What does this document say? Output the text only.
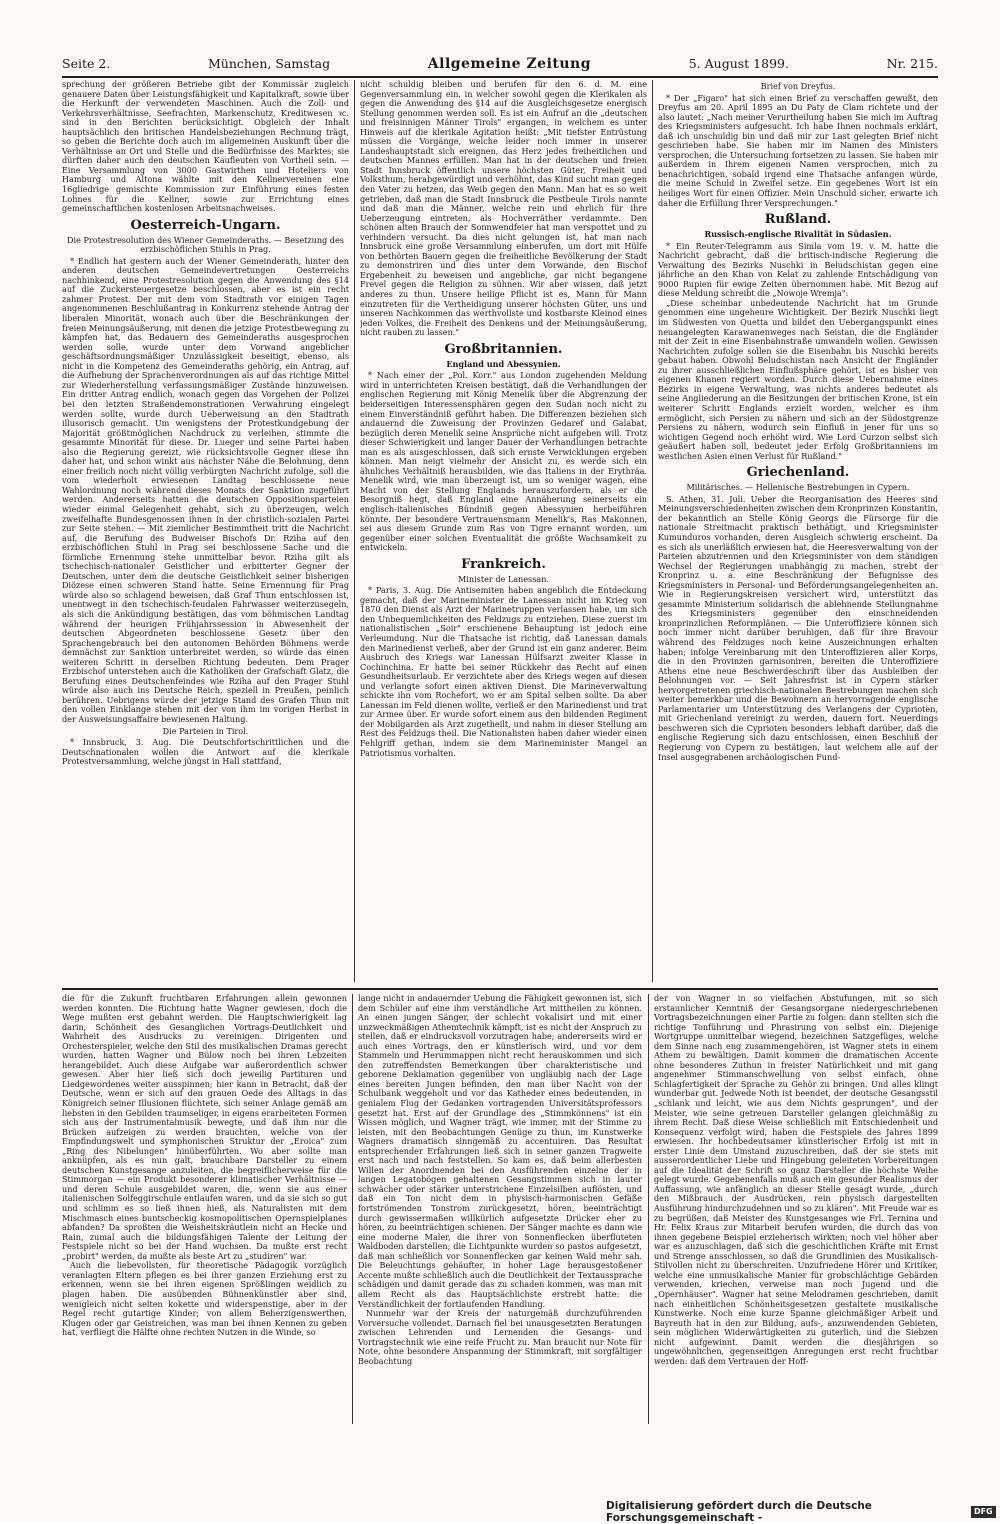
Seite 2.	München, Samstag	Allgemeine Zeitung	5. August 1899.	Nr. 215.

sprechung der größeren Betriebe gibt der Kommissär zugleich genauere Daten über Leistungsfähigkeit und Kapitalkraft, sowie über die Herkunft der verwendeten Maschinen. Auch die Zoll- und Verkehrsverhältnisse, Seefrachten, Markenschutz, Kreditwesen ꝛc. sind in den Berichten berücksichtigt. Obgleich der Inhalt hauptsächlich den britischen Handelsbeziehungen Rechnung trägt, so geben die Berichte doch auch im allgemeinen Auskunft über die Verhältnisse an Ort und Stelle und die Bedürfnisse des Marktes; sie dürften daher auch den deutschen Kaufleuten von Vortheil sein. — Eine Versammlung von 3000 Gastwirthen und Hoteliers von Hamburg und Altona wählte mit den Kellnervereinen eine 16gliedrige gemischte Kommission zur Einführung eines festen Lohnes für die Kellner, sowie zur Errichtung eines gemeinschaftlichen kostenlosen Arbeitsnachweises.

Oesterreich-Ungarn.
Die Protestresolution des Wiener Gemeinderaths. — Besetzung des erzbischöflichen Stuhls in Prag.

* Endlich hat gestern auch der Wiener Gemeinderath, hinter den anderen deutschen Gemeindevertretungen Oesterreichs nachhinkend, eine Protestresolution gegen die Anwendung des §14 auf die Zuckersteuergesetze beschlossen, aber es ist ein recht zahmer Protest. Der mit dem vom Stadtrath vor einigen Tagen angenommenen Beschlußantrag in Konkurrenz stehende Antrag der liberalen Minorität, wonach auch über die Beschränkungen der freien Meinungsäußerung, mit denen die jetzige Protestbewegung zu kämpfen hat, das Bedauern des Gemeinderaths ausgesprochen werden solle, wurde unter dem Vorwand angeblicher geschäftsordnungsmäßiger Unzulässigkeit beseitigt, ebenso, als nicht in die Kompetenz des Gemeinderaths gehörig, ein Antrag, auf die Aufhebung der Sprachenverordnungen als auf das richtige Mittel zur Wiederherstellung verfassungsmäßiger Zustände hinzuweisen. Ein dritter Antrag endlich, wonach gegen das Vorgehen der Polizei bei den letzten Straßendemonstrationen Verwahrung eingelegt werden sollte, wurde durch Ueberweisung an den Stadtrath illusorisch gemacht. Um wenigstens der Protestkundgebung der Majorität größtmöglichen Nachdruck zu verleihen, stimmte die gesammte Minorität für diese. Dr. Lueger und seine Partei haben also die Regierung gereizt, wie rücksichtsvolle Gegner diese ihn daher hat, und schon winkt aus nächster Nähe die Belohnung, denn einer freilich noch nicht völlig verbürgten Nachricht zufolge, soll die vom wiederholt erwiesenen Landtag beschlossene neue Wahlordnung noch während dieses Monats der Sanktion zugeführt werden. Andererseits hatten die deutschen Oppositionsparteien wieder einmal Gelegenheit gehabt, sich zu überzeugen, welch zweifelhafte Bundesgenossen ihnen in der christlich-sozialen Partei zur Seite stehen. — Mit ziemlicher Bestimmtheit tritt die Nachricht auf, die Berufung des Budweiser Bischofs Dr. Rziha auf den erzbischöflichen Stuhl in Prag sei beschlossene Sache und die förmliche Ernennung stehe unmittelbar bevor. Rziha gilt als tschechisch-nationaler Geistlicher und erbitterter Gegner der Deutschen, unter dem die deutsche Geistlichkeit seiner bisherigen Diözese einen schweren Stand hatte. Seine Ernennung für Prag würde also so schlagend beweisen, daß Graf Thun entschlossen ist, unentwegt in den tschechisch-feudalen Fahrwasser weiterzusegeln, als sich die Ankündigung bestätigen, das vom böhmischen Landtag während der heurigen Frühjahrssession in Abwesenheit der deutschen Abgeordneten beschlossene Gesetz über den Sprachengebrauch bei den autonomen Behörden Böhmens werde demnächst zur Sanktion unterbreitet werden, so würde das einen weiteren Schritt in derselben Richtung bedeuten. Dem Prager Erzbischof unterstehen auch die Katholiken der Grafschaft Glatz, die Berufung eines Deutschenfeindes wie Rziha auf den Prager Stuhl würde also auch ins Deutsche Reich, speziell in Preußen, peinlich berühren. Uebrigens würde der jetzige Stand des Grafen Thun mit den vollen Einklange stehen mit der von ihm im vorigen Herbst in der Ausweisungsaffaire bewiesenen Haltung.

Die Parteien in Tirol.

* Innsbruck, 3. Aug. Die Deutschfortschrittlichen und die Deutschnationalen wollen die Antwort auf die klerikale Protestversammlung, welche jüngst in Hall stattfand,

nicht schuldig bleiben und berufen für den 6. d. M. eine Gegenversammlung ein, in welcher sowohl gegen die Klerikalen als gegen die Anwendung des §14 auf die Ausgleichsgesetze energisch Stellung genommen werden soll. Es ist ein Aufruf an die „deutschen und freisinnigen Männer Tirols" ergangen, in welchem es unter Hinweis auf die klerikale Agitation heißt: „Mit tiefster Entrüstung müssen die Vorgänge, welche leider noch immer in unserer Landeshauptstadt sich ereignen, das Herz jedes freiheitlichen und deutschen Mannes erfüllen. Man hat in der deutschen und freien Stadt Innsbruck öffentlich unsere höchsten Güter, Freiheit und Volksthum, herabgewürdigt und verhöhnt, das Kind sucht man gegen den Vater zu hetzen, das Weib gegen den Mann. Man hat es so weit getrieben, daß man die Stadt Innsbruck die Pestbeule Tirols nannte und daß man die Männer, welche rein und ehrlich für ihre Ueberzeugung eintreten, als Hochverräther verdammte. Den schönen alten Brauch der Sonnwendfeier hat man verspottet und zu verhindern versucht. Da dies nicht gelungen ist, hat man nach Innsbruck eine große Versammlung einberufen, um dort mit Hülfe von bethörten Bauern gegen die freiheitliche Bevölkerung der Stadt zu demonstriren und dies unter dem Vorwande, den Bischof Ergebenheit zu beweisen und angebliche, gar nicht begangene Frevel gegen die Religion zu sühnen. Wir aber wissen, daß jetzt anderes zu thun. Unsere heilige Pflicht ist es, Mann für Mann einzutreten für die Vertheidigung unserer höchsten Güter, uns und unseren Nachkommen das werthvollste und kostbarste Kleinod eines jeden Volkes, die Freiheit des Denkens und der Meinungsäußerung, nicht rauben zu lassen."

Großbritannien.
England und Abessynien.

* Nach einer der „Pol. Korr." aus London zugehenden Meldung wird in unterrichteten Kreisen bestätigt, daß die Verhandlungen der englischen Regierung mit König Menelik über die Abgrenzung der beiderseitigen Interessensphären gegen den Sudan noch nicht zu einem Einverständniß geführt haben. Die Differenzen beziehen sich andauernd die Zuweisung der Provinzen Gedaref und Galabat, bezüglich deren Menelik seine Ansprüche nicht aufgeben will. Trotz dieser Schwierigkeit und langer Dauer der Verhandlungen betrachte man es als ausgeschlossen, daß sich ernste Verwicklungen ergeben können. Man neigt vielmehr der Ansicht zu, es werde sich ein ähnliches Verhältniß herausbilden, wie das Italiens in der Erythräa. Menelik wird, wie man überzeugt ist, um so weniger wagen, eine Macht von der Stellung Englands herauszufordern, als er die Besorgniß hegt, daß England eine Annäherung seinerseits ein englisch-italienisches Bündniß gegen Abessynien herbeiführen könnte. Der besondere Vertrauensmann Menelik's, Ras Makonnen, sei aus diesem Grunde zum Ras von Tigre ernannt worden, um gegenüber einer solchen Eventualität die größte Wachsamkeit zu entwickeln.

Frankreich.
Minister de Lanessan.

* Paris, 3. Aug. Die Antisemiten haben angeblich die Entdeckung gemacht, daß der Marineminister de Lanessan nicht im Krieg von 1870 den Dienst als Arzt der Marinetruppen verlassen habe, um sich den Unbequemlichkeiten des Feldzugs zu entziehen. Diese zuerst im nationalistischen „Soir" erschienene Behauptung ist jedoch eine Verleumdung. Nur die Thatsache ist richtig, daß Lanessan damals den Marinedienst verließ, aber der Grund ist ein ganz anderer. Beim Ausbruch des Kriegs war Lanessan Hülfsarzt zweiter Klasse in Cochinchina. Er hatte bei seiner Rückkehr das Recht auf einen Gesundheitsurlaub. Er verzichtete aber des Kriegs wegen auf diesen und verlangte sofort einen aktiven Dienst. Die Marineverwaltung schickte ihn vom Rochefort, wo er am Spital selben sollte. Da aber Lanessan im Feld dienen wollte, verließ er den Marinedienst und trat zur Armee über. Er wurde sofort einem aus den bildenden Regiment der Mobilgarden als Arzt zugetheilt, und nahm in dieser Stellung am Rest des Feldzugs theil. Die Nationalisten haben daher wieder einen Fehlgriff gethan, indem sie dem Marineminister Mangel an Patriotismus vorhalten.

Brief von Dreyfus.

* Der „Figaro" hat sich einen Brief zu verschaffen gewußt, den Dreyfus am 20. April 1895 an Du Paty de Clam richtete und der also lautet: „Nach meiner Verurtheilung haben Sie mich im Auftrag des Kriegsministers aufgesucht. Ich habe Ihnen nochmals erklärt, daß ich unschuldig bin und daß mir zur Last gelegten Brief nicht geschrieben habe. Sie haben mir im Namen des Ministers versprochen, die Untersuchung fortsetzen zu lassen. Sie haben mir außerdem in Ihrem eigenen Namen versprochen, mich zu benachrichtigen, sobald irgend eine Thatsache anfangen würde, die meine Schuld in Zweifel setze. Ein gegebenes Wort ist ein heiliges Wort für einen Offizier. Mein Unschuld sicher, erwarte ich daher die Erfüllung Ihrer Versprechungen."

Rußland.
Russisch-englische Rivalität in Südasien.

* Ein Reuter-Telegramm aus Simla vom 19. v. M. hatte die Nachricht gebracht, daß die britisch-indische Regierung die Verwaltung des Bezirks Nuschki in Beludschistan gegen eine jährliche an den Khan von Kelat zu zahlende Entschädigung von 9000 Rupien für ewige Zeiten übernommen habe. Mit Bezug auf diese Meldung schreibt die „Nowoje Wremja":

„Diese scheinbar unbedeutende Nachricht hat im Grunde genommen eine ungeheure Wichtigkeit. Der Bezirk Nuschki liegt im Südwesten von Quetta und bildet den Uebergangspunkt eines neuangelegten Karawanenweges nach Seistan, die die Engländer mit der Zeit in eine Eisenbahnstraße umwandeln wollen. Gewissen Nachrichten zufolge sollen sie die Eisenbahn bis Nuschki bereits gebaut haben. Obwohl Beludschistan nach Ansicht der Engländer zu ihrer ausschließlichen Einflußsphäre gehört, ist es bisher von eigenen Khanen regiert worden. Durch diese Uebernahme eines Bezirks in eigene Verwaltung, was nichts anderes bedeutet als seine Angliederung an die Besitzungen der britischen Krone, ist ein weiterer Schritt Englands erzielt worden, welcher es ihm ermöglicht, sich Persien zu nähern und sich an der Südostgrenze Persiens zu nähern, wodurch sein Einfluß in jener für uns so wichtigen Gegend noch erhöht wird. Wie Lord Curzon selbst sich geäußert haben soll, bedeutet jeder Erfolg Großbritanniens im westlichen Asien einen Verlust für Rußland."

Griechenland.
Militärisches. — Hellenische Bestrebungen in Cypern.

S. Athen, 31. Juli. Ueber die Reorganisation des Heeres sind Meinungsverschiedenheiten zwischen dem Kronprinzen Konstantin, der bekanntlich an Stelle König Georgs die Fürsorge für die nationale Streitmacht praktisch bethätigt, und Kriegsminister Kumunduros vorhanden, deren Ausgleich schwierig erscheint. Da es sich als unerläßlich erwiesen hat, die Heeresverwaltung von der Parteien abzutrennen und den Kriegsminister von dem ständigen Wechsel der Regierungen unabhängig zu machen, strebt der Kronprinz u. a. eine Beschränkung der Befugnisse des Kriegsministers in Personal- und Beförderungsangelegenheiten an. Wie in Regierungskreisen versichert wird, unterstützt das gesammte Ministerium solidarisch die ablehnende Stellungnahme des Kriegsministers gegenüber den einschneidenden kronprinzlichen Reformplänen. — Die Unteroffiziere können sich noch immer nicht darüber beruhigen, daß für ihre Bravour während des Feldzuges noch keine Auszeichnungen erhalten haben; infolge Vereinbarung mit den Unteroffizieren aller Korps, die in den Provinzen garnisoniren, bereiten die Unteroffiziere Athens eine neue Beschwerdeschrift über das Ausbleiben der Belohnungen vor. — Seit Jahresfrist ist in Cypern stärker hervorgetretenen griechisch-nationalen Bestrebungen machen sich weiter bemerkbar und die Bewohnern an hervorragende englische Parlamentarier um Unterstützung des Verlangens der Cyprioten, mit Griechenland vereinigt zu werden, dauern fort. Neuerdings beschweren sich die Cyprioten besonders lebhaft darüber, daß die englische Regierung sich dazu entschlossen, einen Beschluß der Regierung von Cypern zu bestätigen, laut welchem alle auf der Insel ausgegrabenen archäologischen Fund-

die für die Zukunft fruchtbaren Erfahrungen allein gewonnen werden konnten. Die Richtung hatte Wagner gewiesen, doch die Wege mußten erst gebahnt werden. Die Hauptschwierigkeit lag darin, Schönheit des Gesanglichen Vortrags-Deutlichkeit und Wahrheit des Ausdrucks zu vereinigen. Dirigenten und Orchesterspieler, welche den Stil des musikalischen Dramas gerecht wurden, hatten Wagner und Bülow noch bei ihren Lebzeiten herangebildet. Auch diese Aufgabe war außerordentlich schwer gewesen. Aber hier ließ sich doch jeweilig Partituren und Liedgewordenes weiter ausspinnen; hier kann in Betracht, daß der Deutsche, wenn er sich auf den grauen Oede des Alltags in das Königreich seiner Illusionen flüchtete, sich seiner Anlage gemäß am liebsten in den Gebilden traumseliger, in eigens erarbeiteten Formen sich aus der Instrumentalmusik bewegte, und daß ihm nur die Brücken aufzeigen zu werden brauchten, welche von der Empfindungswelt und symphonischen Struktur der „Eroica" zum „Ring des Nibelungen" hinüberführten. Wo aber sollte man anknüpfen, als es nun galt, brauchbare Darsteller zu einem deutschen Kunstgesange anzuleiten, die begreiflicherweise für die Stimmorgan — ein Produkt besonderer klimatischer Verhältnisse — und deren Schule ausgebildet waren, die, wenn sie aus einer italienischen Solfeggirschule entlaufen waren, und da sie sich so gut und schlimm es so ließ ihnen hieß, als Naturalisten mit dem Mischmasch eines buntscheckig kosmopolitischen Opernspielplanes abfanden? Da sproßten die Weisheitskräutlein nicht an Hecke und Rain, zumal auch die bildungsfähigen Talente der Leitung der Festspiele nicht so bei der Hand wuchsen. Da mußte erst recht „probirt" werden, da mußte als beste Art zu „studiren" war.

Auch die liebevollsten, für theoretische Pädagogik vorzüglich veranlagten Eltern pflegen es bei ihrer ganzen Erziehung erst zu erkennen, wenn sie bei ihren eigenen Sprößlingen weidlich zu plagen haben. Die ausübenden Bühnenkünstler aber sind, wenigleich nicht selten kokette und widerspenstige, aber in der Regel recht gutartige Kinder; von allem Beherzigenswerthen, Klugen oder gar Geistreichen, was man bei ihnen Kennen zu geben hat, verfliegt die Hälfte ohne rechten Nutzen in die Winde, so

lange nicht in andauernder Uebung die Fähigkeit gewonnen ist, sich dem Schüler auf eine ihm verständliche Art mittheilen zu können. An einen jungen Sänger, der schlecht vokalisirt und mit einer unzweckmäßigen Athemtechnik kämpft, ist es nicht der Anspruch zu stellen, daß er eindrucksvoll vorzutragen habe; andererseits wird er auch eines Vortrags, den er künstlerisch wird, und vor dem Stammeln und Herummappen nicht recht herauskommen und sich den zutreffendsten Bemerkungen über charakteristische und geborene Deklamation gegenüber von ungläubig nach der Lage eines bereiten Jungen befinden, den man über Nacht von der Schulbank weggeholt und vor das Katheder eines bedeutenden, in genialem Flug der Gedanken vortragenden Universitätsprofessors gesetzt hat. Erst auf der Grundlage des „Stimmkönnens" ist ein Wissen möglich, und Wagner trägt, wie immer, mit der Stimme zu leisten, mit den Beobachtungen Genüge zu thun, im Kunstwerke Wagners dramatisch sinngemäß zu accentuiren. Das Resultat entsprechender Erfahrungen ließ sich in seiner ganzen Tragweite erst nach und nach feststellen. So kam es, daß beim allerbesten Willen der Anordnenden bei den Ausführenden einzelne der in langen Legatobögen gehaltenen Gesangstimmen sich in lauter schwächer oder stärker unterstrichene Einzelsilben auflösten, und daß ein Ton nicht dem in physisch-harmonischen Gefäße fortströmenden Tonstrom zurückgesetzt, hören, beeinträchtigt durch gewissermaßen willkürlich aufgesetzte Drücker eher zu hören, zu beeinträchtigen schienen. Der Sänger machte es dann wie eine moderne Maler, die ihrer von Sonnenflecken überfluteten Waldboden darstellen; die Lichtpunkte wurden so pastos aufgesetzt, daß man schließlich vor Sonnenflecken gar keinen Wald mehr sah. Die Beleuchtungs gehäufter, in hoher Lage herausgestoßener Accente mußte schließlich auch die Deutlichkeit der Textaussprache schädigen und damit gerade das zu schaden kommen, was man mit allem Recht als das Hauptsächlichste erstrebt hatte: die Verständlichkeit der fortlaufenden Handlung.

Nunmehr war der Kreis der naturgemäß durchzuführenden Vorversuche vollendet. Darnach fiel bei unausgesetzten Beratungen zwischen Lehrenden und Lernenden die Gesangs- und Vortragstechnik wie eine reife Frucht zu. Man braucht nur Note für Note, ohne besondere Anspannung der Stimmkraft, mit sorgfältiger Beobachtung

der von Wagner in so vielfachen Abstufungen, mit so sich erstaunlicher Kenntniß der Gesangsorgane niedergeschriebenen Vortragsbezeichnungen einer Partie zu folgen: dann stellten sich die richtige Tonführung und Phrasirung von selbst ein. Diejenige Wortgruppe unmittelbar wiegend, bezeichnen Satzgefüges, welche dem Sinne nach eng zusammengehören, ist Wagner stets in einem Athem zu bewältigen. Damit kommen die dramatischen Accente ohne besonderes Zuthun in freister Natürlichkeit und mit gang angenehmer Stimmanschwellung von selbst einfach, ohne Schlagfertigkeit der Sprache zu Gehör zu bringen. Und alles klingt wunderbar gut. Jedwede Noth ist beendet, der deutsche Gesangsstil „schlank und leicht, wie aus dem Nichts gesprungen", und der Meister, wie seine getreuen Darsteller gelangen gleichmäßig zu ihrem Recht. Daß diese Weise schließlich mit Entschiedenheit und Konsequenz verfolgt wird, haben die Festspiele des Jahres 1899 erwiesen. Ihr hochbedeutsamer künstlerischer Erfolg ist mit in erster Linie dem Umstand zuzuschreiben, daß der sie stets mit ausserordentlicher Liebe und Hingebung geleiteten Vorbereitungen auf die Idealität der Schrift so ganz Darsteller die höchste Weihe gelegt wurde. Gegebenenfalls muß auch ein gesunder Realismus der Auffassung, wie anfänglich an dieser Stelle gesagt wurde, „durch den Mißbrauch der Ausdrücken, rein physisch dargestellten Ausführung hindurchzudehnen und so zu klären". Mit Freude war es zu begrüßen, daß Meister des Kunstgesanges wie Frl. Ternina und Hr. Felix Kraus zur Mitarbeit berufen wurden, die durch das von ihnen gegebene Beispiel erzieherisch wirkten; noch viel höher aber war es anzuschlagen, daß sich die geschichtlichen Kräfte mit Ernst und Strenge ansschlossen, so daß die Grundlinien des Musikalisch-Stilvollen nicht zu überschreiten. Unzufriedene Hörer und Kritiker, welche eine unmusikalische Manier für grobschlächtige Gebärden verwenden, kriechen, verweise man noch Jugend und die „Opernhäuser". Wagner hat seine Melodramen geschrieben, damit nach einheitlichen Schönheitsgesetzen gestaltete musikalische Kunstwerke. Noch eine kurze Spanne gleichmäßiger Arbeit und Bayreuth hat in den zur Bildung, aufs-, anzuwendenden Gebieten, sein möglichen Widerwärtigkeiten zu guterlich, und die Siebzen nicht aufgewinnt. Damit werden die diesjährigen so ungewöhnlichen, gegenseitigen Anregungen erst recht fruchtbar werden: daß dem Vertrauen der Hoff-

Digitalisierung gefördert durch die Deutsche Forschungsgemeinschaft -
DFG
